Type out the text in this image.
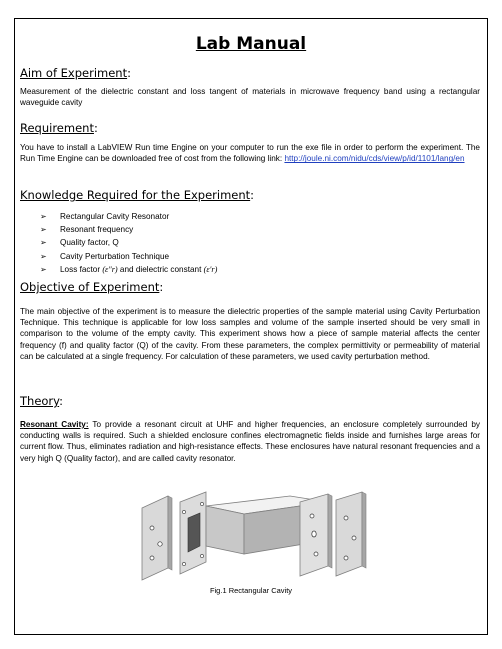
Lab Manual
Aim of Experiment:
Measurement of the dielectric constant and loss tangent of materials in microwave frequency band using a rectangular waveguide cavity
Requirement:
You have to install a LabVIEW Run time Engine on your computer to run the exe file in order to perform the experiment. The Run Time Engine can be downloaded free of cost from the following link: http://joule.ni.com/nidu/cds/view/p/id/1101/lang/en
Knowledge Required for the Experiment:
➢ Rectangular Cavity Resonator
➢ Resonant frequency
➢ Quality factor, Q
➢ Cavity Perturbation Technique
➢ Loss factor (ε″r) and dielectric constant (ε′r)
Objective of Experiment:
The main objective of the experiment is to measure the dielectric properties of the sample material using Cavity Perturbation Technique. This technique is applicable for low loss samples and volume of the sample inserted should be very small in comparison to the volume of the empty cavity. This experiment shows how a piece of sample material affects the center frequency (f) and quality factor (Q) of the cavity. From these parameters, the complex permittivity or permeability of material can be calculated at a single frequency. For calculation of these parameters, we used cavity perturbation method.
Theory:
Resonant Cavity: To provide a resonant circuit at UHF and higher frequencies, an enclosure completely surrounded by conducting walls is required. Such a shielded enclosure confines electromagnetic fields inside and furnishes large areas for current flow. Thus, eliminates radiation and high-resistance effects. These enclosures have natural resonant frequencies and a very high Q (Quality factor), and are called cavity resonator.
Fig.1 Rectangular Cavity
